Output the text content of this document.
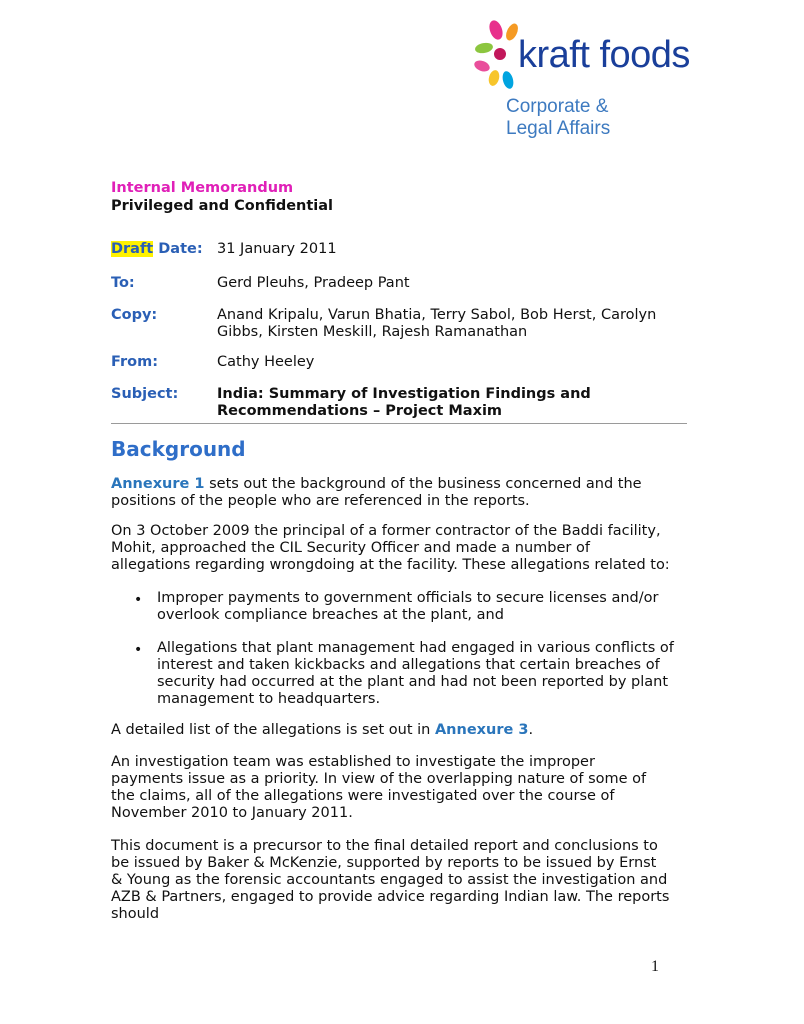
kraft foods
Corporate &
Legal Affairs
Internal Memorandum
Privileged and Confidential
Draft Date: 31 January 2011
To:	Gerd Pleuhs, Pradeep Pant
Copy:	Anand Kripalu, Varun Bhatia, Terry Sabol, Bob Herst, Carolyn Gibbs, Kirsten Meskill, Rajesh Ramanathan
From:	Cathy Heeley
Subject:	India: Summary of Investigation Findings and Recommendations – Project Maxim
Background

Annexure 1 sets out the background of the business concerned and the positions of the people who are referenced in the reports.

On 3 October 2009 the principal of a former contractor of the Baddi facility, Mohit, approached the CIL Security Officer and made a number of allegations regarding wrongdoing at the facility. These allegations related to:

• Improper payments to government officials to secure licenses and/or overlook compliance breaches at the plant, and
• Allegations that plant management had engaged in various conflicts of interest and taken kickbacks and allegations that certain breaches of security had occurred at the plant and had not been reported by plant management to headquarters.

A detailed list of the allegations is set out in Annexure 3.

An investigation team was established to investigate the improper payments issue as a priority. In view of the overlapping nature of some of the claims, all of the allegations were investigated over the course of November 2010 to January 2011.

This document is a precursor to the final detailed report and conclusions to be issued by Baker & McKenzie, supported by reports to be issued by Ernst & Young as the forensic accountants engaged to assist the investigation and AZB & Partners, engaged to provide advice regarding Indian law. The reports should

1
